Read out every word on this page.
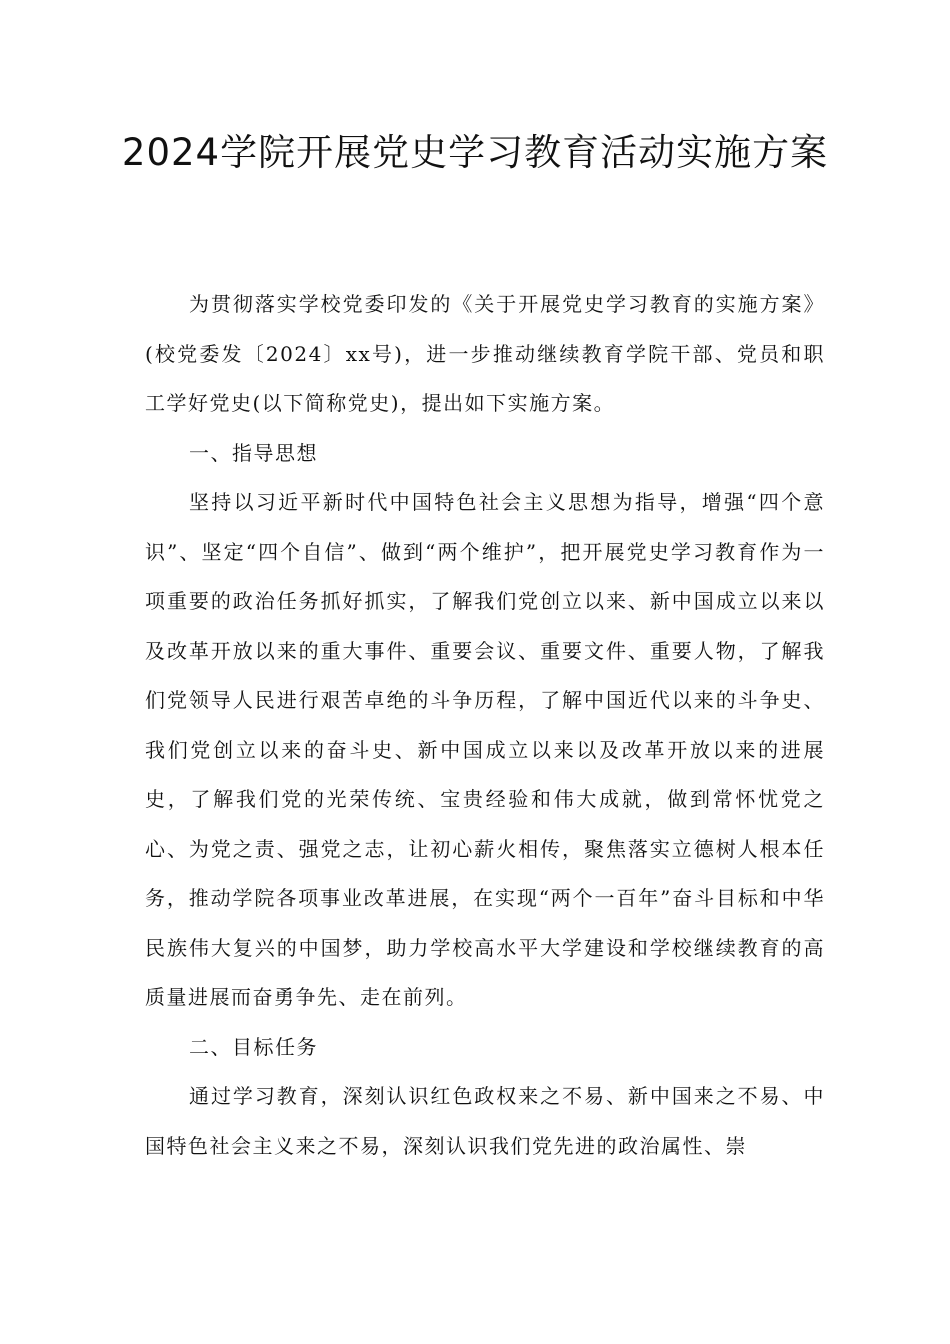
2024学院开展党史学习教育活动实施方案

为贯彻落实学校党委印发的《关于开展党史学习教育的实施方案》(校党委发〔2024〕xx号)，进一步推动继续教育学院干部、党员和职工学好党史(以下简称党史)，提出如下实施方案。

一、指导思想

坚持以习近平新时代中国特色社会主义思想为指导，增强“四个意识”、坚定“四个自信”、做到“两个维护”，把开展党史学习教育作为一项重要的政治任务抓好抓实，了解我们党创立以来、新中国成立以来以及改革开放以来的重大事件、重要会议、重要文件、重要人物，了解我们党领导人民进行艰苦卓绝的斗争历程，了解中国近代以来的斗争史、我们党创立以来的奋斗史、新中国成立以来以及改革开放以来的进展史，了解我们党的光荣传统、宝贵经验和伟大成就，做到常怀忧党之心、为党之责、强党之志，让初心薪火相传，聚焦落实立德树人根本任务，推动学院各项事业改革进展，在实现“两个一百年”奋斗目标和中华民族伟大复兴的中国梦，助力学校高水平大学建设和学校继续教育的高质量进展而奋勇争先、走在前列。

二、目标任务

通过学习教育，深刻认识红色政权来之不易、新中国来之不易、中国特色社会主义来之不易，深刻认识我们党先进的政治属性、崇
